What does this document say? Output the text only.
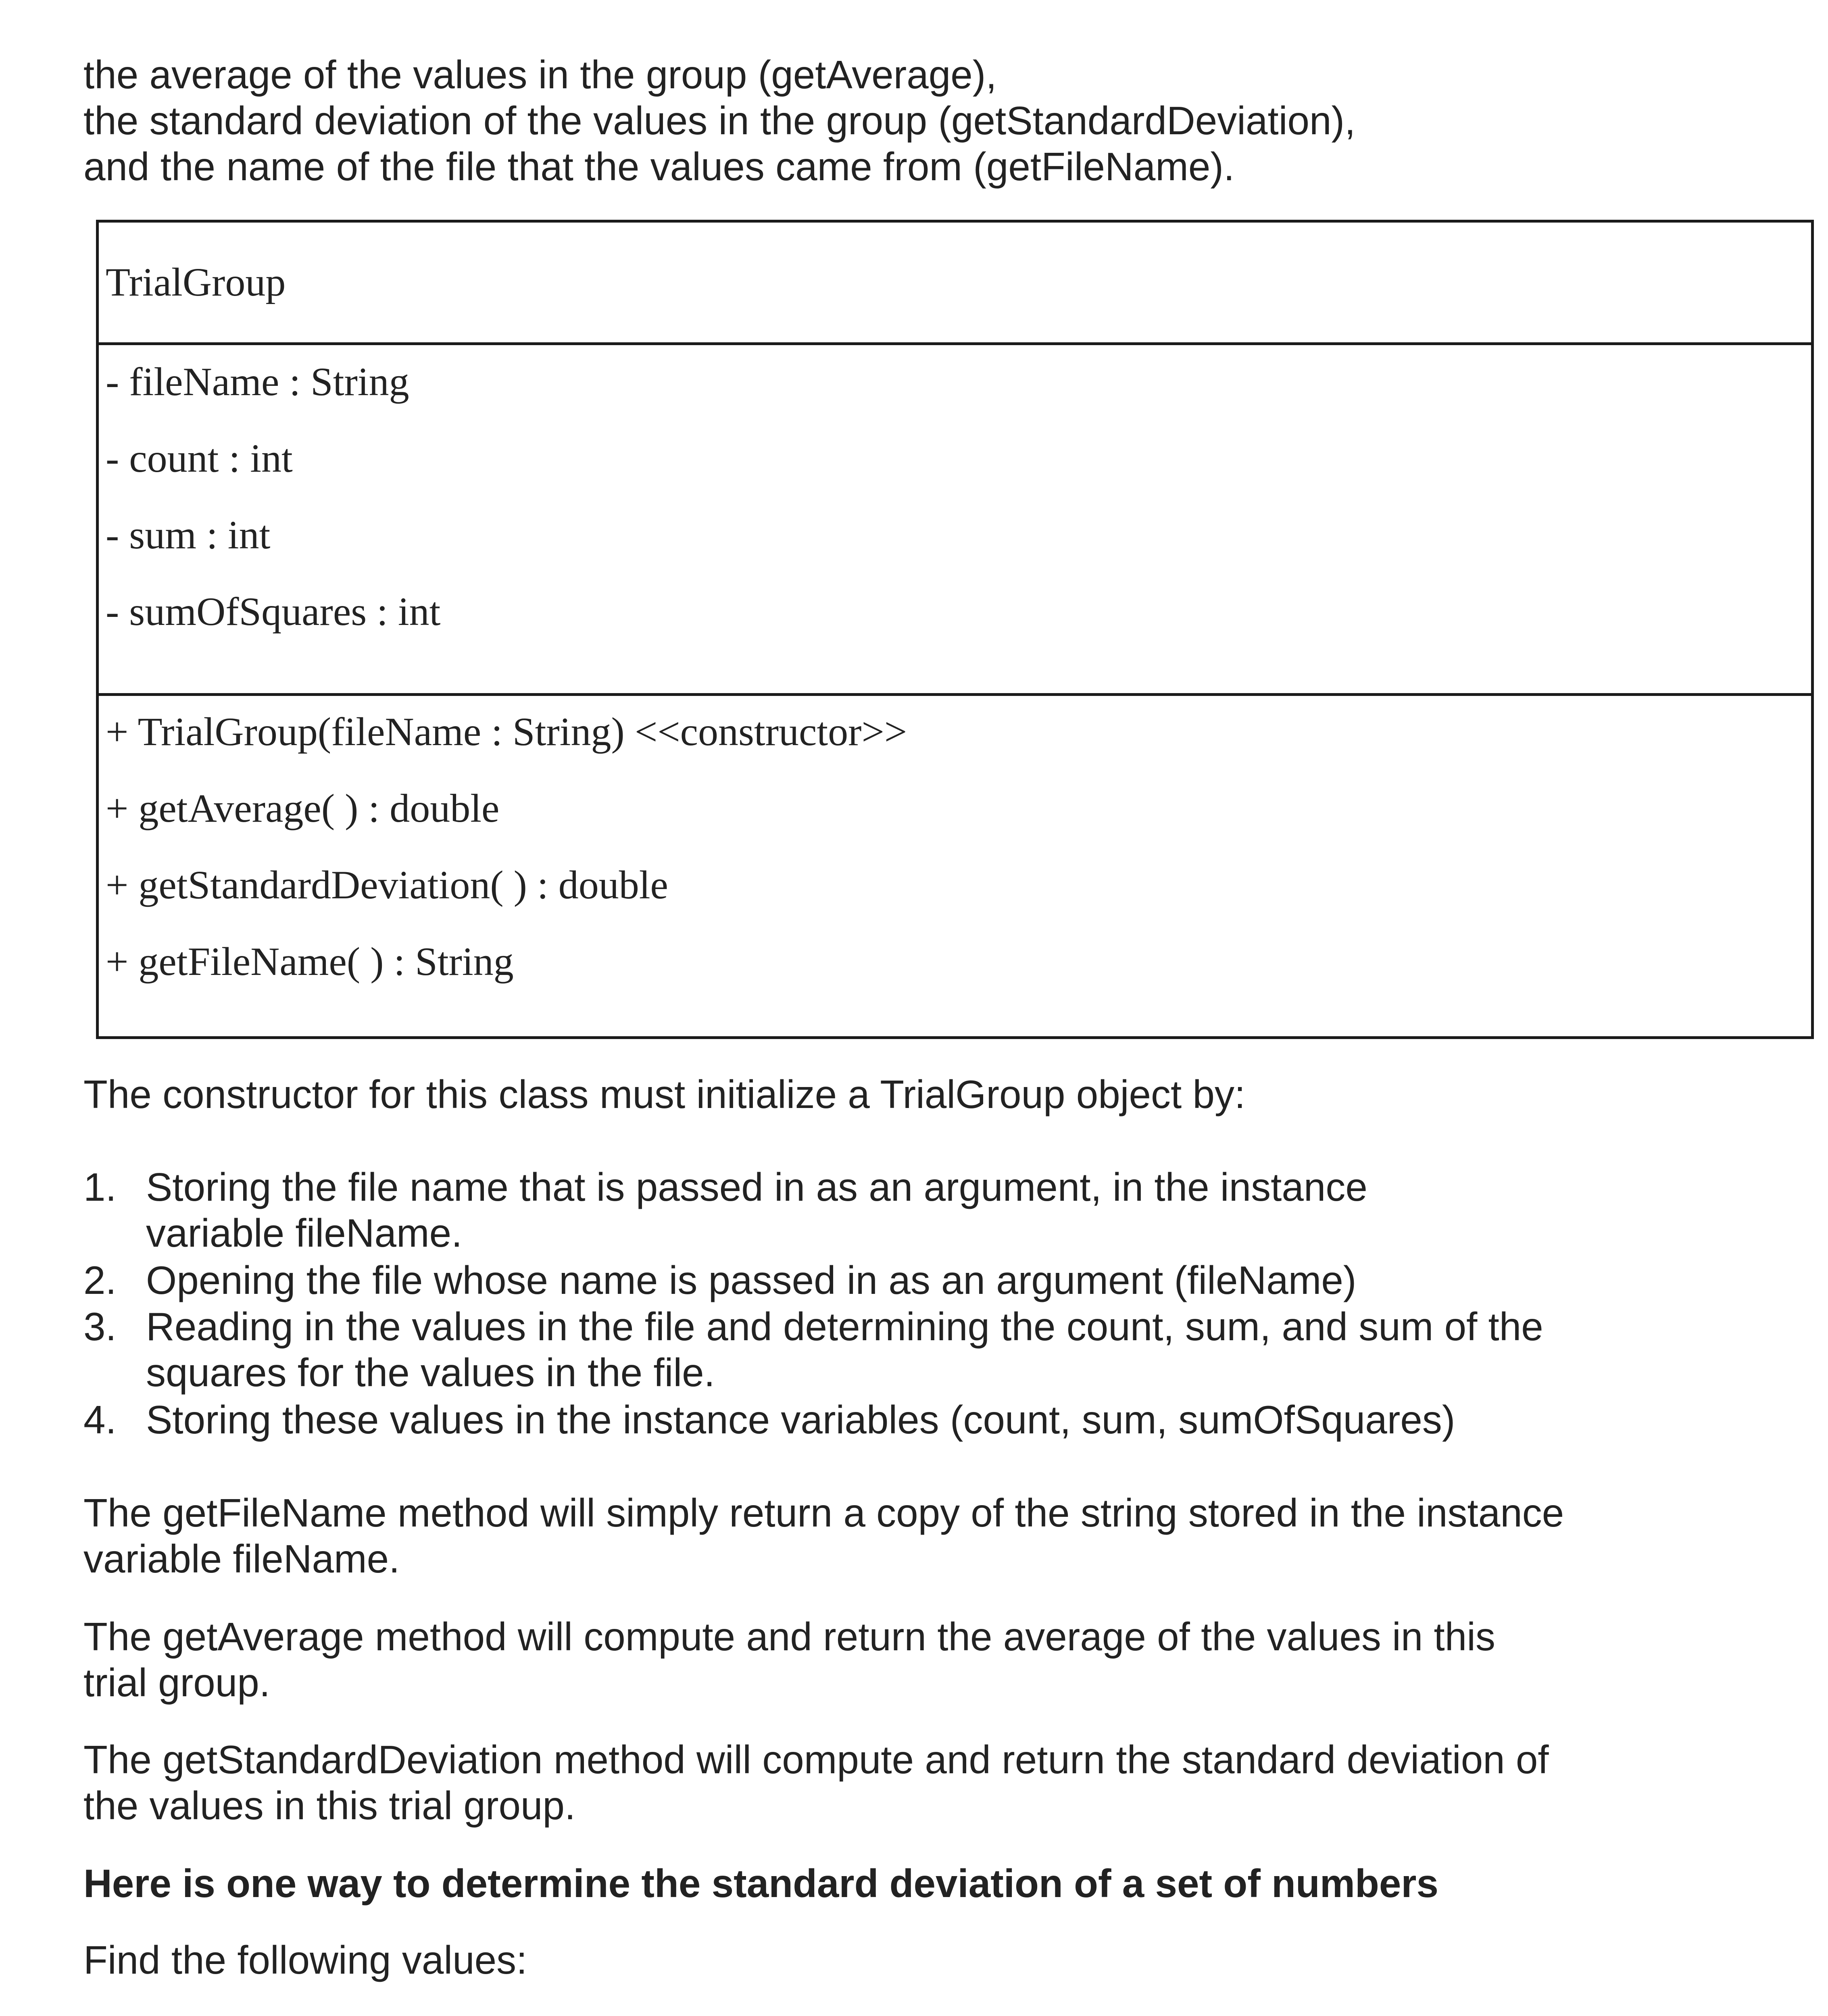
the average of the values in the group (getAverage),
the standard deviation of the values in the group (getStandardDeviation),
and the name of the file that the values came from (getFileName).
TrialGroup
- fileName : String
- count : int
- sum : int
- sumOfSquares : int
+ TrialGroup(fileName : String) <<constructor>>
+ getAverage( ) : double
+ getStandardDeviation( ) : double
+ getFileName( ) : String
The constructor for this class must initialize a TrialGroup object by:
1. Storing the file name that is passed in as an argument, in the instance
variable fileName.
2. Opening the file whose name is passed in as an argument (fileName)
3. Reading in the values in the file and determining the count, sum, and sum of the
squares for the values in the file.
4. Storing these values in the instance variables (count, sum, sumOfSquares)
The getFileName method will simply return a copy of the string stored in the instance
variable fileName.
The getAverage method will compute and return the average of the values in this
trial group.
The getStandardDeviation method will compute and return the standard deviation of
the values in this trial group.
Here is one way to determine the standard deviation of a set of numbers
Find the following values:
